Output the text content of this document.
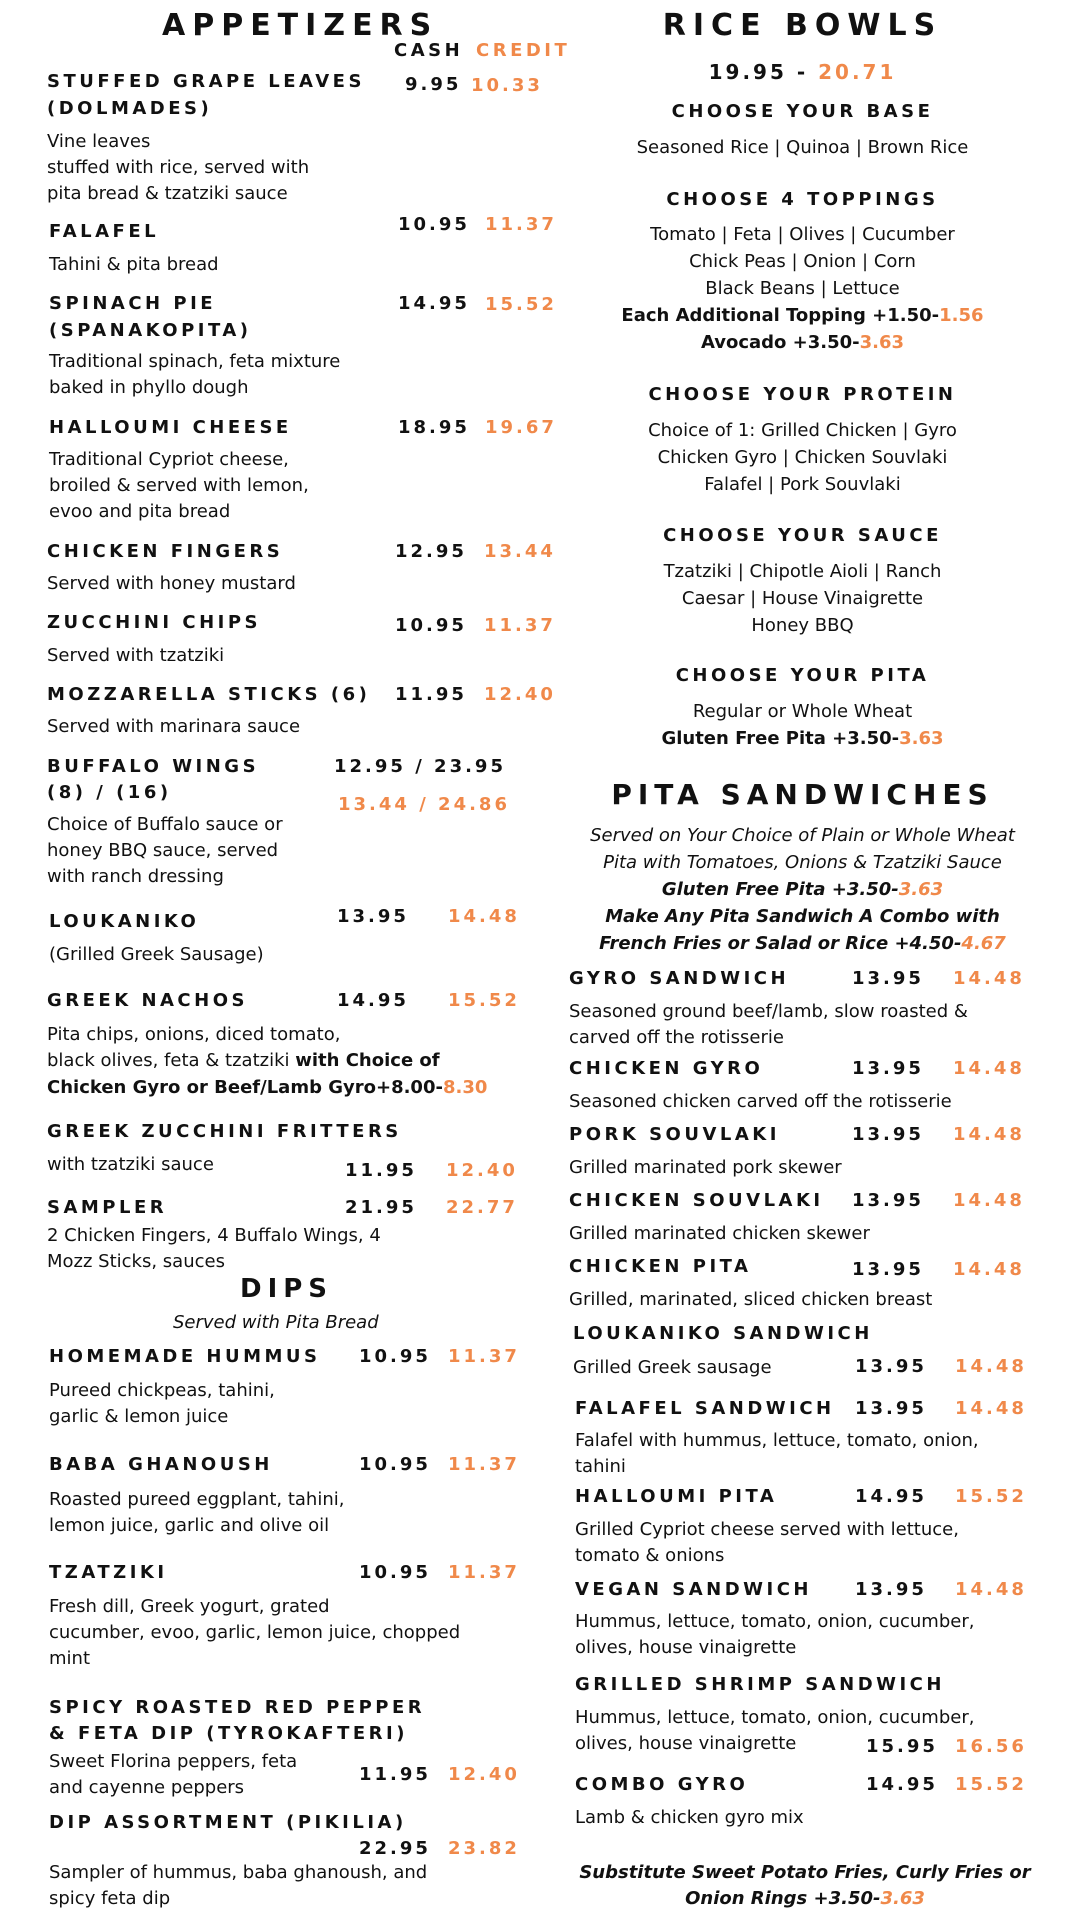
APPETIZERS
CASH CREDIT
STUFFED GRAPE LEAVES
(DOLMADES)
9.95 10.33
Vine leaves
stuffed with rice, served with
pita bread & tzatziki sauce
FALAFEL	10.95 11.37
Tahini & pita bread
SPINACH PIE
(SPANAKOPITA)
14.95 15.52
Traditional spinach, feta mixture
baked in phyllo dough
HALLOUMI CHEESE	18.95 19.67
Traditional Cypriot cheese,
broiled & served with lemon,
evoo and pita bread
CHICKEN FINGERS	12.95 13.44
Served with honey mustard
ZUCCHINI CHIPS	10.95 11.37
Served with tzatziki
MOZZARELLA STICKS (6) 11.95 12.40
Served with marinara sauce
BUFFALO WINGS
(8) / (16)
12.95 / 23.95
13.44 / 24.86
Choice of Buffalo sauce or
honey BBQ sauce, served
with ranch dressing
LOUKANIKO	13.95 14.48
(Grilled Greek Sausage)
GREEK NACHOS	14.95 15.52
Pita chips, onions, diced tomato,
black olives, feta & tzatziki with Choice of
Chicken Gyro or Beef/Lamb Gyro+8.00-8.30
GREEK ZUCCHINI FRITTERS
with tzatziki sauce	11.95 12.40
SAMPLER	21.95 22.77
2 Chicken Fingers, 4 Buffalo Wings, 4
Mozz Sticks, sauces
DIPS
Served with Pita Bread
HOMEMADE HUMMUS 10.95 11.37
Pureed chickpeas, tahini,
garlic & lemon juice
BABA GHANOUSH	10.95 11.37
Roasted pureed eggplant, tahini,
lemon juice, garlic and olive oil
TZATZIKI	10.95 11.37
Fresh dill, Greek yogurt, grated
cucumber, evoo, garlic, lemon juice, chopped
mint
SPICY ROASTED RED PEPPER
& FETA DIP (TYROKAFTERI)
Sweet Florina peppers, feta
and cayenne peppers
11.95 12.40
DIP ASSORTMENT (PIKILIA)
22.95 23.82
Sampler of hummus, baba ghanoush, and
spicy feta dip
RICE BOWLS
19.95 - 20.71
CHOOSE YOUR BASE
Seasoned Rice | Quinoa | Brown Rice
CHOOSE 4 TOPPINGS
Tomato | Feta | Olives | Cucumber
Chick Peas | Onion | Corn
Black Beans | Lettuce
Each Additional Topping +1.50-1.56
Avocado +3.50-3.63
CHOOSE YOUR PROTEIN
Choice of 1: Grilled Chicken | Gyro
Chicken Gyro | Chicken Souvlaki
Falafel | Pork Souvlaki
CHOOSE YOUR SAUCE
Tzatziki | Chipotle Aioli | Ranch
Caesar | House Vinaigrette
Honey BBQ
CHOOSE YOUR PITA
Regular or Whole Wheat
Gluten Free Pita +3.50-3.63
PITA SANDWICHES
Served on Your Choice of Plain or Whole Wheat
Pita with Tomatoes, Onions & Tzatziki Sauce
Gluten Free Pita +3.50-3.63
Make Any Pita Sandwich A Combo with
French Fries or Salad or Rice +4.50-4.67
GYRO SANDWICH	13.95 14.48
Seasoned ground beef/lamb, slow roasted &
carved off the rotisserie
CHICKEN GYRO	13.95 14.48
Seasoned chicken carved off the rotisserie
PORK SOUVLAKI	13.95 14.48
Grilled marinated pork skewer
CHICKEN SOUVLAKI 13.95 14.48
Grilled marinated chicken skewer
CHICKEN PITA	13.95 14.48
Grilled, marinated, sliced chicken breast
LOUKANIKO SANDWICH
Grilled Greek sausage	13.95 14.48
FALAFEL SANDWICH 13.95 14.48
Falafel with hummus, lettuce, tomato, onion,
tahini
HALLOUMI PITA	14.95 15.52
Grilled Cypriot cheese served with lettuce,
tomato & onions
VEGAN SANDWICH 13.95 14.48
Hummus, lettuce, tomato, onion, cucumber,
olives, house vinaigrette
GRILLED SHRIMP SANDWICH
Hummus, lettuce, tomato, onion, cucumber,
olives, house vinaigrette	15.95 16.56
COMBO GYRO	14.95 15.52
Lamb & chicken gyro mix
Substitute Sweet Potato Fries, Curly Fries or
Onion Rings +3.50-3.63
